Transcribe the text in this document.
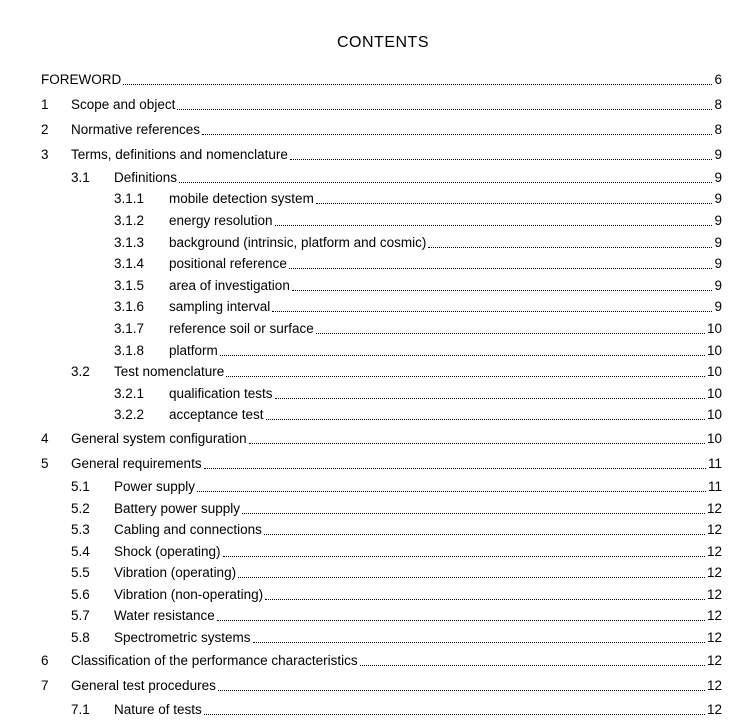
CONTENTS
FOREWORD	6
1	Scope and object	8
2	Normative references	8
3	Terms, definitions and nomenclature	9
3.1	Definitions	9
3.1.1	mobile detection system	9
3.1.2	energy resolution	9
3.1.3	background (intrinsic, platform and cosmic)	9
3.1.4	positional reference	9
3.1.5	area of investigation	9
3.1.6	sampling interval	9
3.1.7	reference soil or surface	10
3.1.8	platform	10
3.2	Test nomenclature	10
3.2.1	qualification tests	10
3.2.2	acceptance test	10
4	General system configuration	10
5	General requirements	11
5.1	Power supply	11
5.2	Battery power supply	12
5.3	Cabling and connections	12
5.4	Shock (operating)	12
5.5	Vibration (operating)	12
5.6	Vibration (non-operating)	12
5.7	Water resistance	12
5.8	Spectrometric systems	12
6	Classification of the performance characteristics	12
7	General test procedures	12
7.1	Nature of tests	12
